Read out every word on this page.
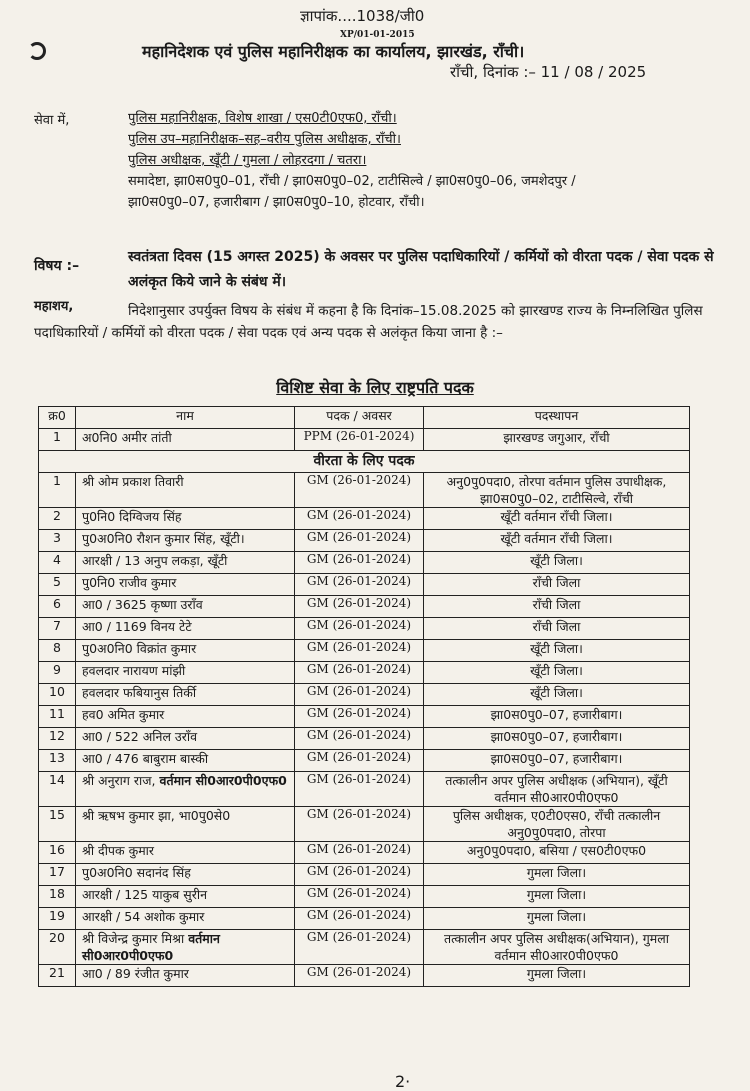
ज्ञापांक....1038/जी0
XP/01-01-2015
महानिदेशक एवं पुलिस महानिरीक्षक का कार्यालय, झारखंड, राँची।
राँची, दिनांक :– 11 / 08 / 2025
सेवा में,	पुलिस महानिरीक्षक, विशेष शाखा / एस0टी0एफ0, राँची।
पुलिस उप–महानिरीक्षक–सह–वरीय पुलिस अधीक्षक, राँची।
पुलिस अधीक्षक, खूँटी / गुमला / लोहरदगा / चतरा।
समादेष्टा, झा0स0पु0–01, राँची / झा0स0पु0–02, टाटीसिल्वे / झा0स0पु0–06, जमशेदपुर /
झा0स0पु0–07, हजारीबाग / झा0स0पु0–10, होटवार, राँची।
विषय :–
स्वतंत्रता दिवस (15 अगस्त 2025) के अवसर पर पुलिस पदाधिकारियों / कर्मियों को वीरता पदक / सेवा पदक से अलंकृत किये जाने के संबंध में।
महाशय,	निदेशानुसार उपर्युक्त विषय के संबंध में कहना है कि दिनांक–15.08.2025 को झारखण्ड राज्य के निम्नलिखित पुलिस पदाधिकारियों / कर्मियों को वीरता पदक / सेवा पदक एवं अन्य पदक से अलंकृत किया जाना है :–
विशिष्ट सेवा के लिए राष्ट्रपति पदक
क्र0	नाम	पदक / अवसर	पदस्थापन
1	अ0नि0 अमीर तांती	PPM (26-01-2024)	झारखण्ड जगुआर, राँची
वीरता के लिए पदक			
1	श्री ओम प्रकाश तिवारी	GM (26-01-2024)	अनु0पु0पदा0, तोरपा वर्तमान पुलिस उपाधीक्षक, झा0स0पु0–02, टाटीसिल्वे, राँची
2	पु0नि0 दिग्विजय सिंह	GM (26-01-2024)	खूँटी वर्तमान राँची जिला।
3	पु0अ0नि0 रौशन कुमार सिंह, खूँटी।	GM (26-01-2024)	खूँटी वर्तमान राँची जिला।
4	आरक्षी / 13 अनुप लकड़ा, खूँटी	GM (26-01-2024)	खूँटी जिला।
5	पु0नि0 राजीव कुमार	GM (26-01-2024)	राँची जिला
6	आ0 / 3625 कृष्णा उराँव	GM (26-01-2024)	राँची जिला
7	आ0 / 1169 विनय टेटे	GM (26-01-2024)	राँची जिला
8	पु0अ0नि0 विक्रांत कुमार	GM (26-01-2024)	खूँटी जिला।
9	हवलदार नारायण मांझी	GM (26-01-2024)	खूँटी जिला।
10	हवलदार फबियानुस तिर्की	GM (26-01-2024)	खूँटी जिला।
11	हव0 अमित कुमार	GM (26-01-2024)	झा0स0पु0–07, हजारीबाग।
12	आ0 / 522 अनिल उराँव	GM (26-01-2024)	झा0स0पु0–07, हजारीबाग।
13	आ0 / 476 बाबुराम बास्की	GM (26-01-2024)	झा0स0पु0–07, हजारीबाग।
14	श्री अनुराग राज, वर्तमान सी0आर0पी0एफ0	GM (26-01-2024)	तत्कालीन अपर पुलिस अधीक्षक (अभियान), खूँटी वर्तमान सी0आर0पी0एफ0
15	श्री ऋषभ कुमार झा, भा0पु0से0	GM (26-01-2024)	पुलिस अधीक्षक, ए0टी0एस0, राँची तत्कालीन अनु0पु0पदा0, तोरपा
16	श्री दीपक कुमार	GM (26-01-2024)	अनु0पु0पदा0, बसिया / एस0टी0एफ0
17	पु0अ0नि0 सदानंद सिंह	GM (26-01-2024)	गुमला जिला।
18	आरक्षी / 125 याकुब सुरीन	GM (26-01-2024)	गुमला जिला।
19	आरक्षी / 54 अशोक कुमार	GM (26-01-2024)	गुमला जिला।
20	श्री विजेन्द्र कुमार मिश्रा वर्तमान सी0आर0पी0एफ0	GM (26-01-2024)	तत्कालीन अपर पुलिस अधीक्षक(अभियान), गुमला वर्तमान सी0आर0पी0एफ0
21	आ0 / 89 रंजीत कुमार	GM (26-01-2024)	गुमला जिला।
2·
